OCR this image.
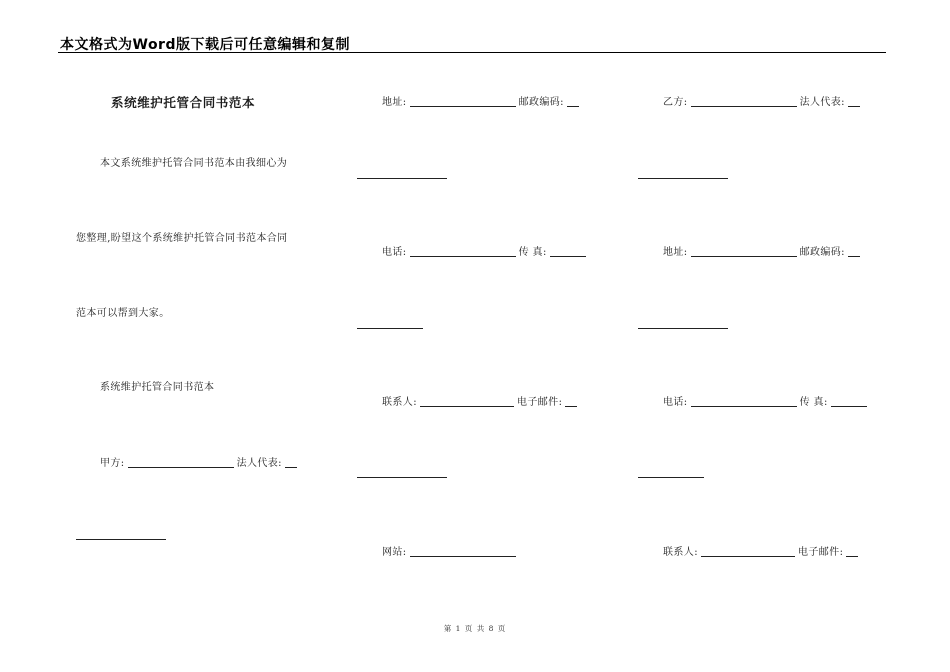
本文格式为Word版下载后可任意编辑和复制
系统维护托管合同书范本
本文系统维护托管合同书范本由我细心为
您整理,盼望这个系统维护托管合同书范本合同
范本可以帮到大家。
系统维护托管合同书范本
甲方:	法人代表:
地址:	邮政编码:
电话:	传 真:
联系人:	电子邮件:
网站:
乙方:	法人代表:
地址:	邮政编码:
电话:	传 真:
联系人:	电子邮件:
第 1 页 共 8 页
